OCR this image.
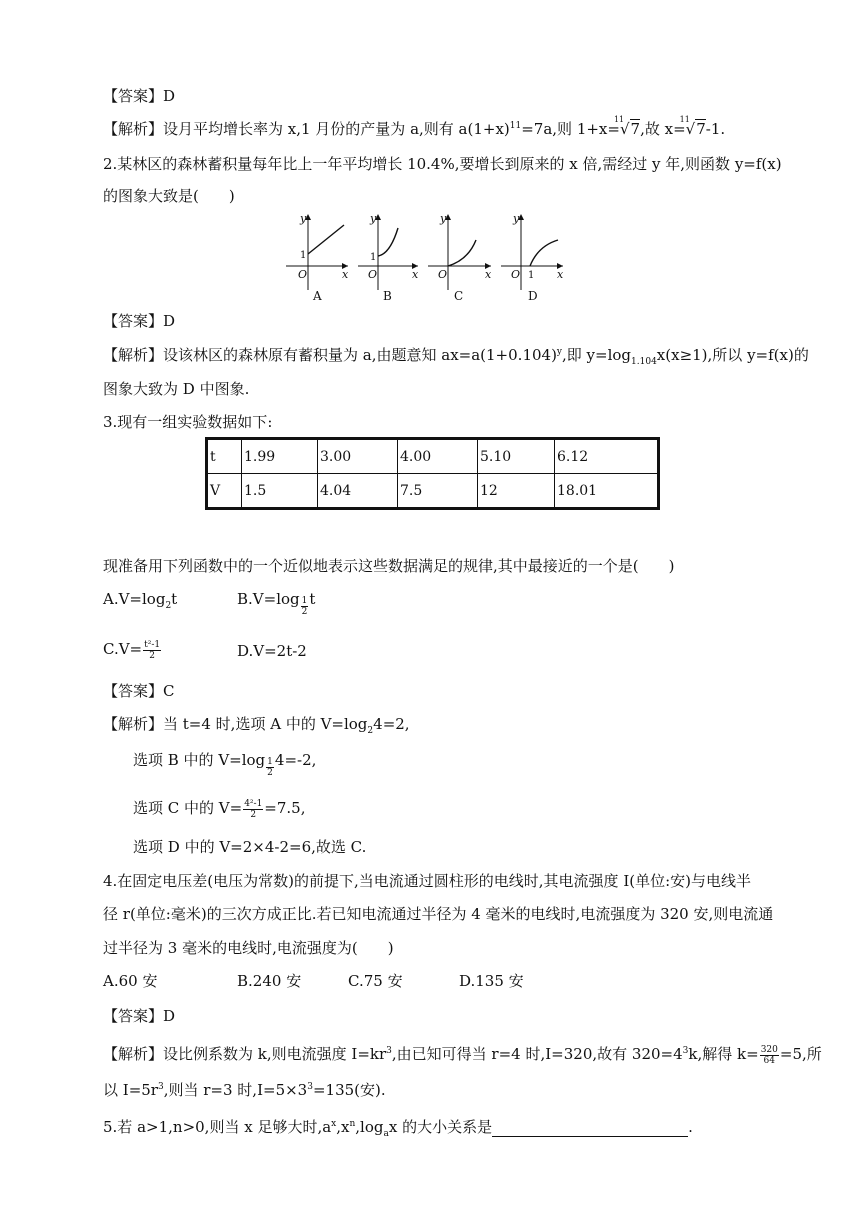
【答案】D
【解析】设月平均增长率为 x,1 月份的产量为 a,则有 $a(1+x)^{11}=7a$,则 1+x=
11
√7,故 x=
11
√7-1.
2.某林区的森林蓄积量每年比上一年平均增长 10.4%,要增长到原来的 x 倍,需经过 y 年,则函数 y=f(x)
的图象大致是(　　)
y
x
O
y
x
O
y
x
O
y
x
O
1	1
1
A	B	C	D
【答案】D
【解析】设该林区的森林原有蓄积量为 a,由题意知 $ax=a(1+0.104)^y$,即 $y=\log_{1.104}x(x\ge 1)$,所以 y=f(x)的
图象大致为 D 中图象.
3.现有一组实验数据如下:
t	1.99	3.00	4.00	5.10	6.12
V	1.5	4.04	7.5	12	18.01
现准备用下列函数中的一个近似地表示这些数据满足的规律,其中最接近的一个是(　　)
$A.V=\log_2t$	$B.V=\log \frac{1}{2}$ t
$C.V= \frac{\text{t²-1}}{2}$	D.V=2t-2
【答案】C
【解析】当 t=4 时,选项 A 中的 $V=\log_24=2$,
选项 B 中的 $V=\log \frac{1}{2} 4=-2$,
选项 C 中的 $V= \frac{\text{4²-1}}{2} =7.5$,
选项 D 中的 V=2×4-2=6,故选 C.
4.在固定电压差(电压为常数)的前提下,当电流通过圆柱形的电线时,其电流强度 I(单位:安)与电线半
径 r(单位:毫米)的三次方成正比.若已知电流通过半径为 4 毫米的电线时,电流强度为 320 安,则电流通
过半径为 3 毫米的电线时,电流强度为(　　)
A.60 安	B.240 安	C.75 安	D.135 安
【答案】D
【解析】设比例系数为 k,则电流强度 $I=kr^3$,由已知可得当 r=4 时,I=320,故有 $320=4^3k$,解得 $k= \frac{320}{64} =5$,所
以 $I=5r^3$,则当 r=3 时$,I=5\times 3^3=135$(安).
5.若 a>1,n>0,则当 x 足够大时$,a^x,x^n,\log_ax$ 的大小关系是	.
